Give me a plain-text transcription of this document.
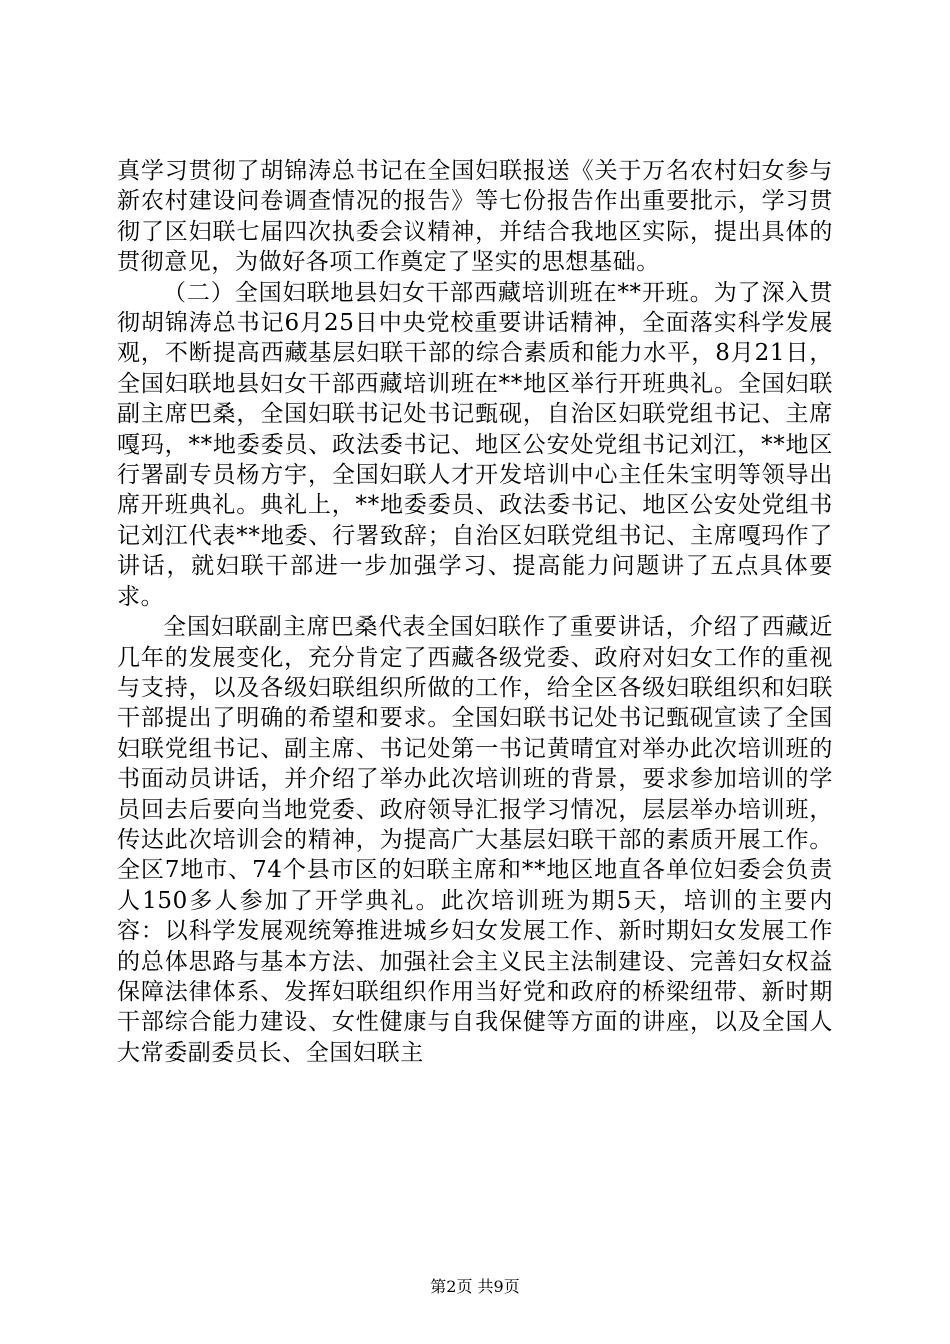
真学习贯彻了胡锦涛总书记在全国妇联报送《关于万名农村妇女参与新农村建设问卷调查情况的报告》等七份报告作出重要批示，学习贯彻了区妇联七届四次执委会议精神，并结合我地区实际，提出具体的贯彻意见，为做好各项工作奠定了坚实的思想基础。

（二）全国妇联地县妇女干部西藏培训班在**开班。为了深入贯彻胡锦涛总书记6月25日中央党校重要讲话精神，全面落实科学发展观，不断提高西藏基层妇联干部的综合素质和能力水平，8月21日，全国妇联地县妇女干部西藏培训班在**地区举行开班典礼。全国妇联副主席巴桑，全国妇联书记处书记甄砚，自治区妇联党组书记、主席嘎玛，**地委委员、政法委书记、地区公安处党组书记刘江，**地区行署副专员杨方宇，全国妇联人才开发培训中心主任朱宝明等领导出席开班典礼。典礼上，**地委委员、政法委书记、地区公安处党组书记刘江代表**地委、行署致辞；自治区妇联党组书记、主席嘎玛作了讲话，就妇联干部进一步加强学习、提高能力问题讲了五点具体要求。

全国妇联副主席巴桑代表全国妇联作了重要讲话，介绍了西藏近几年的发展变化，充分肯定了西藏各级党委、政府对妇女工作的重视与支持，以及各级妇联组织所做的工作，给全区各级妇联组织和妇联干部提出了明确的希望和要求。全国妇联书记处书记甄砚宣读了全国妇联党组书记、副主席、书记处第一书记黄晴宜对举办此次培训班的书面动员讲话，并介绍了举办此次培训班的背景，要求参加培训的学员回去后要向当地党委、政府领导汇报学习情况，层层举办培训班，传达此次培训会的精神，为提高广大基层妇联干部的素质开展工作。全区7地市、74个县市区的妇联主席和**地区地直各单位妇委会负责人150多人参加了开学典礼。此次培训班为期5天，培训的主要内容：以科学发展观统筹推进城乡妇女发展工作、新时期妇女发展工作的总体思路与基本方法、加强社会主义民主法制建设、完善妇女权益保障法律体系、发挥妇联组织作用当好党和政府的桥梁纽带、新时期干部综合能力建设、女性健康与自我保健等方面的讲座，以及全国人大常委副委员长、全国妇联主

第2页 共9页
